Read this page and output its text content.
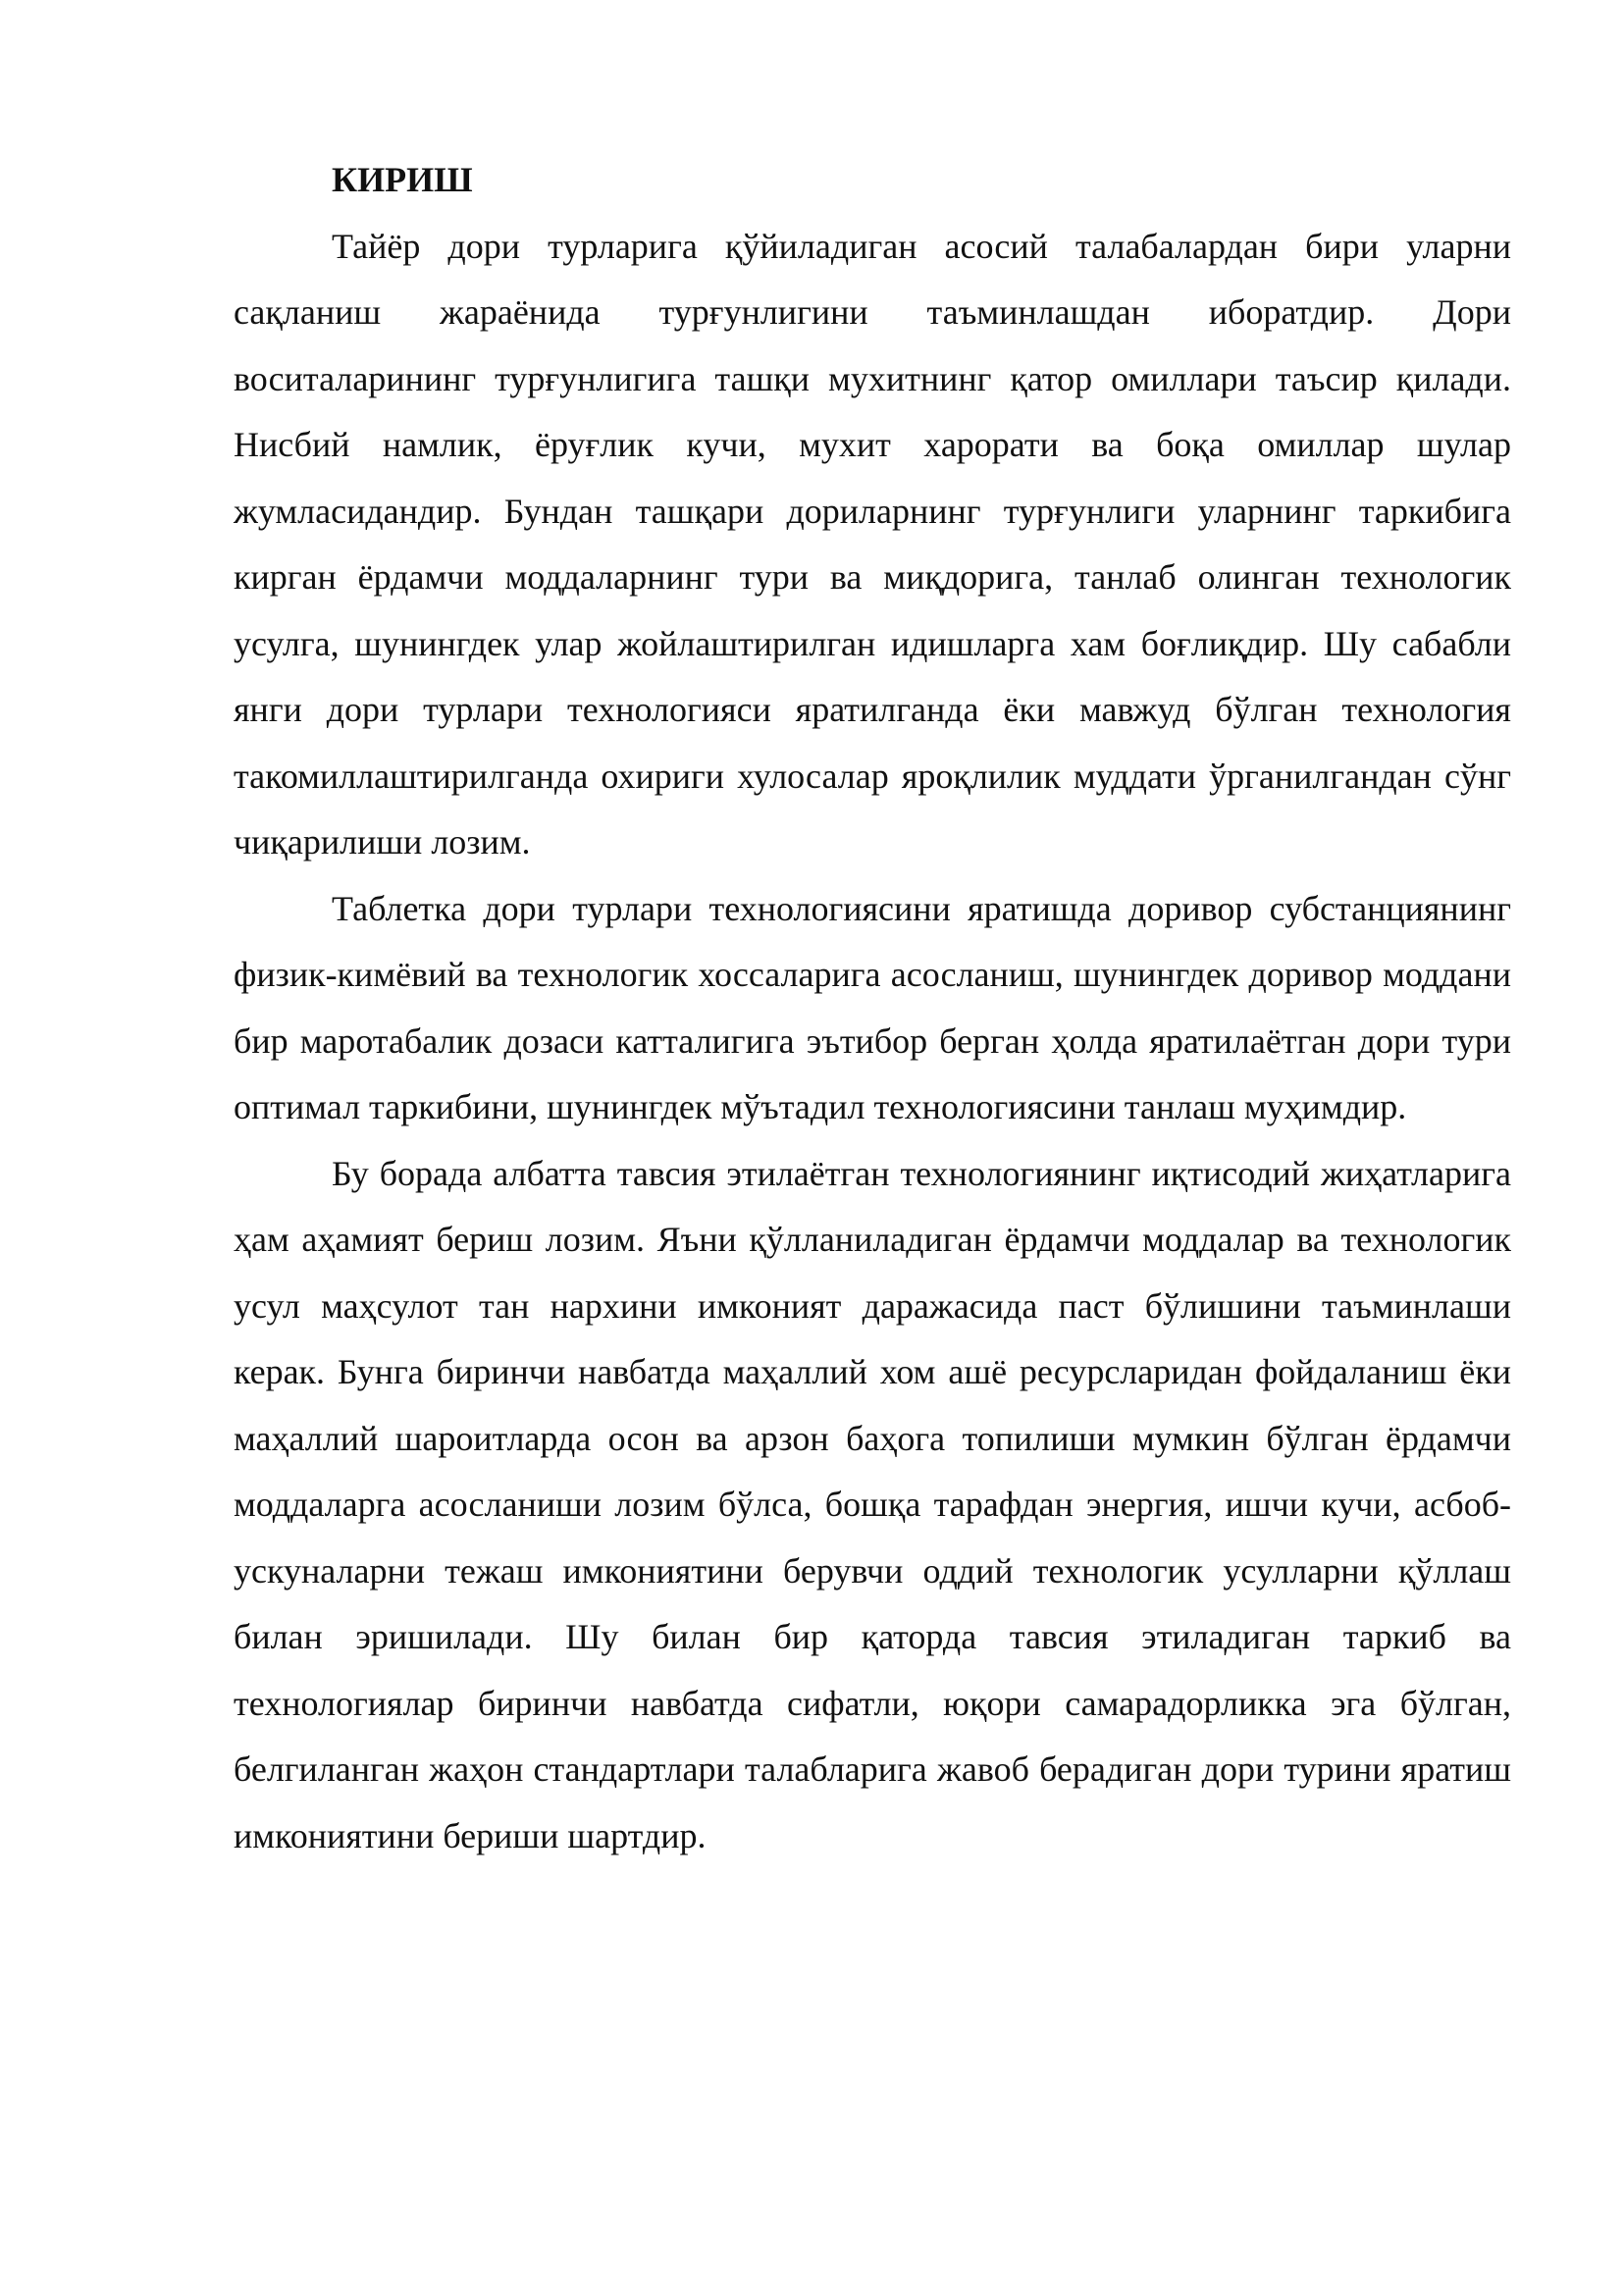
КИРИШ

Тайёр дори турларига қўйиладиган асосий талабалардан бири уларни сақланиш жараёнида турғунлигини таъминлашдан иборатдир. Дори воситаларининг турғунлигига ташқи мухитнинг қатор омиллари таъсир қилади. Нисбий намлик, ёруғлик кучи, мухит харорати ва боқа омиллар шулар жумласидандир. Бундан ташқари дориларнинг турғунлиги уларнинг таркибига кирган ёрдамчи моддаларнинг тури ва миқдорига, танлаб олинган технологик усулга, шунингдек улар жойлаштирилган идишларга хам боғлиқдир. Шу сабабли янги дори турлари технологияси яратилганда ёки мавжуд бўлган технология такомиллаштирилганда охириги хулосалар яроқлилик муддати ўрганилгандан сўнг чиқарилиши лозим.

Таблетка дори турлари технологиясини яратишда доривор субстанциянинг физик-кимёвий ва технологик хоссаларига асосланиш, шунингдек доривор моддани бир маротабалик дозаси катталигига эътибор берган ҳолда яратилаётган дори тури оптимал таркибини, шунингдек мўътадил технологиясини танлаш муҳимдир.

Бу борада албатта тавсия этилаётган технологиянинг иқтисодий жиҳатларига ҳам аҳамият бериш лозим. Яъни қўлланиладиган ёрдамчи моддалар ва технологик усул маҳсулот тан нархини имконият даражасида паст бўлишини таъминлаши керак. Бунга биринчи навбатда маҳаллий хом ашё ресурсларидан фойдаланиш ёки маҳаллий шароитларда осон ва арзон баҳога топилиши мумкин бўлган ёрдамчи моддаларга асосланиши лозим бўлса, бошқа тарафдан энергия, ишчи кучи, асбоб-ускуналарни тежаш имкониятини берувчи оддий технологик усулларни қўллаш билан эришилади. Шу билан бир қаторда тавсия этиладиган таркиб ва технологиялар биринчи навбатда сифатли, юқори самарадорликка эга бўлган, белгиланган жаҳон стандартлари талабларига жавоб берадиган дори турини яратиш имкониятини бериши шартдир.
